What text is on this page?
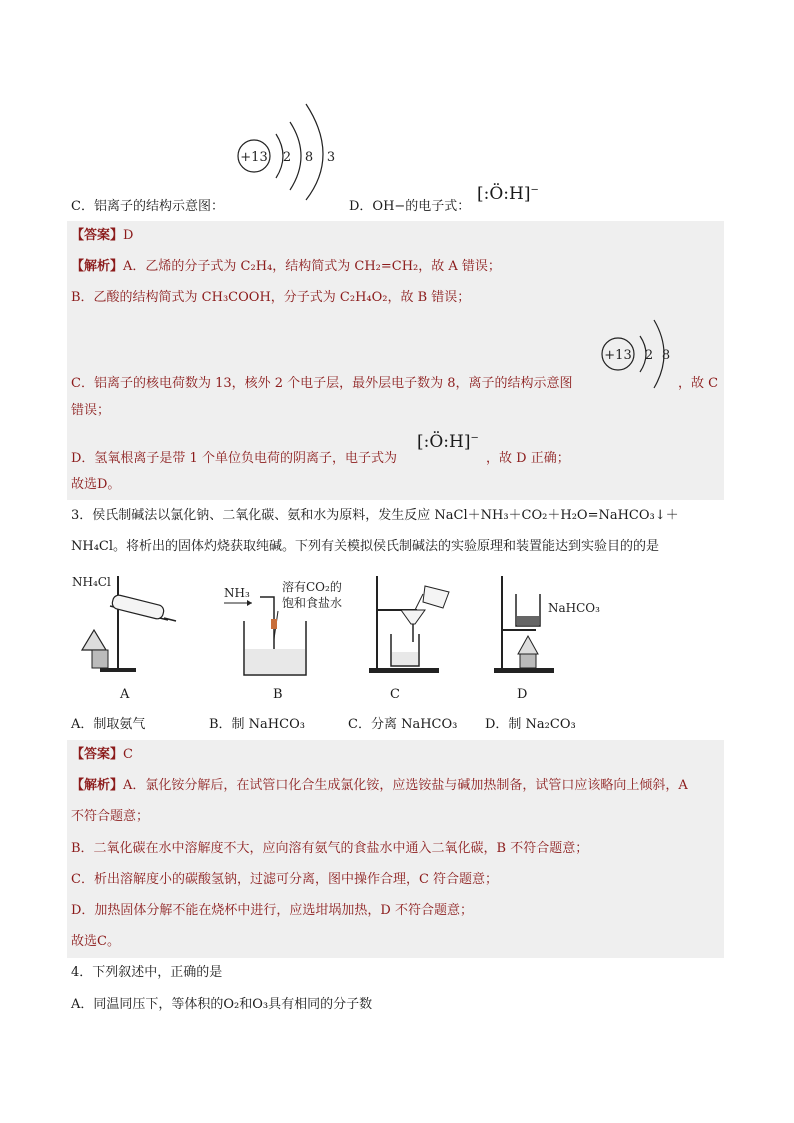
+13 2 8 3
C．铝离子的结构示意图：	D．OH−的电子式：
[:Ö:H]−
【答案】D
【解析】A．乙烯的分子式为 C₂H₄，结构简式为 CH₂=CH₂，故 A 错误；
B．乙酸的结构简式为 CH₃COOH，分子式为 C₂H₄O₂，故 B 错误；
+13 2 8
C．铝离子的核电荷数为 13，核外 2 个电子层，最外层电子数为 8，离子的结构示意图	，故 C
错误；
D．氢氧根离子是带 1 个单位负电荷的阴离子，电子式为
[:Ö:H]−
，故 D 正确；
故选D。
3．侯氏制碱法以氯化钠、二氧化碳、氨和水为原料，发生反应 NaCl＋NH₃＋CO₂＋H₂O=NaHCO₃↓＋
NH₄Cl。将析出的固体灼烧获取纯碱。下列有关模拟侯氏制碱法的实验原理和装置能达到实验目的的是
NH₄Cl
NH₃	溶有CO₂的
饱和食盐水	NaHCO₃
A	B	C	D
A．制取氨气	B．制 NaHCO₃	C．分离 NaHCO₃ D．制 Na₂CO₃
【答案】C
【解析】A．氯化铵分解后，在试管口化合生成氯化铵，应选铵盐与碱加热制备，试管口应该略向上倾斜，A
不符合题意；
B．二氧化碳在水中溶解度不大，应向溶有氨气的食盐水中通入二氧化碳，B 不符合题意；
C．析出溶解度小的碳酸氢钠，过滤可分离，图中操作合理，C 符合题意；
D．加热固体分解不能在烧杯中进行，应选坩埚加热，D 不符合题意；
故选C。
4．下列叙述中，正确的是
A．同温同压下，等体积的O₂和O₃具有相同的分子数
